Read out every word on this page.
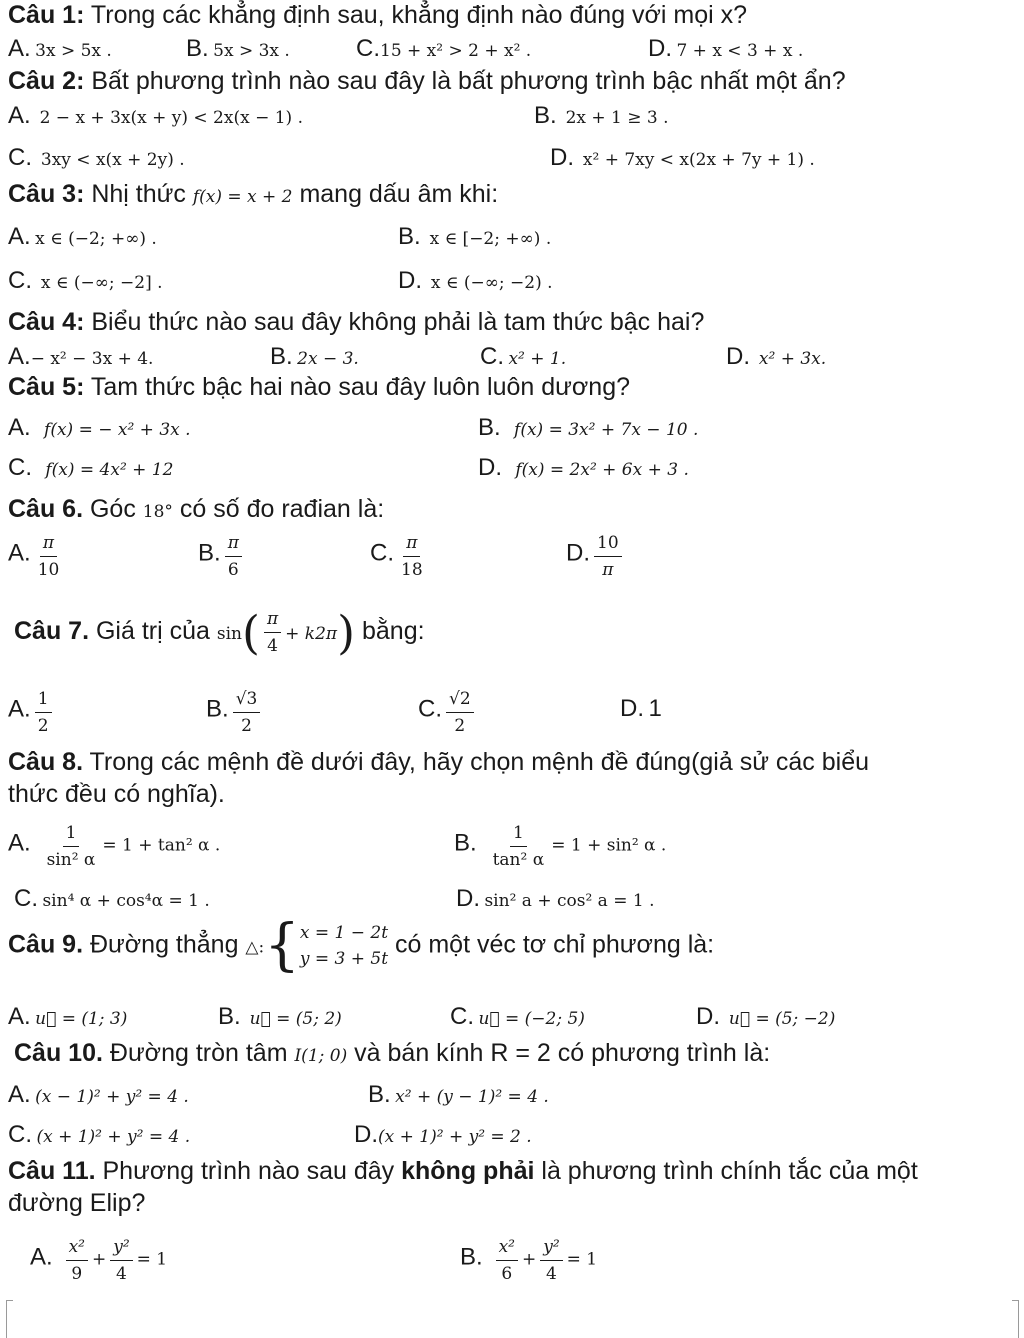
Câu 1: Trong các khẳng định sau, khẳng định nào đúng với mọi x?
A. 3x > 5x .	B. 5x > 3x .	C.15 + x² > 2 + x² .	D. 7 + x < 3 + x .
Câu 2: Bất phương trình nào sau đây là bất phương trình bậc nhất một ẩn?
A. 2 − x + 3x(x + y) < 2x(x − 1) .	B. 2x + 1 ≥ 3 .
C. 3xy < x(x + 2y) .	D. x² + 7xy < x(2x + 7y + 1) .
Câu 3: Nhị thức f(x) = x + 2 mang dấu âm khi:
A. x ∈ (−2; +∞) .	B. x ∈ [−2; +∞) .
C. x ∈ (−∞; −2] .	D. x ∈ (−∞; −2) .
Câu 4: Biểu thức nào sau đây không phải là tam thức bậc hai?
A.− x² − 3x + 4.	B. 2x − 3.	C. x² + 1.	D. x² + 3x.
Câu 5: Tam thức bậc hai nào sau đây luôn luôn dương?
A. f(x) = − x² + 3x .	B. f(x) = 3x² + 7x − 10 .
C. f(x) = 4x² + 12	D. f(x) = 2x² + 6x + 3 .
Câu 6. Góc 18° có số đo rađian là:
A. $\frac{\pi}{10}$	B. $\frac{\pi}{6}$	C. $\frac{\pi}{18}$	D. $\frac{10}{\pi}$
Câu 7. Giá trị của $\sin( \frac{\pi}{4} + k2\pi)$ bằng:
A. $\frac{1}{2}$	B. $\frac{√3}{2}$	C. $\frac{√2}{2}$	D. 1
Câu 8. Trong các mệnh đề dưới đây, hãy chọn mệnh đề đúng(giả sử các biểu
thức đều có nghĩa).
A. $\frac{1}{\text{sin² α}} = 1 + \tan^2$ α .	B. $\frac{1}{\text{tan² α}} = 1 + \sin^2$ α .
C. sin⁴ α + cos⁴α = 1 .	D. sin² a + cos² a = 1 .
Câu 9. Đường thẳng △:{ x = 1 − 2t
y = 3 + 5t
có một véc tơ chỉ phương là:
A. u⃗ = (1; 3)	B. u⃗ = (5; 2)	C. u⃗ = (−2; 5)	D. u⃗ = (5; −2)
Câu 10. Đường tròn tâm I(1; 0) và bán kính R = 2 có phương trình là:
A. (x − 1)² + y² = 4 .	B. x² + (y − 1)² = 4 .
C. (x + 1)² + y² = 4 .	D.(x + 1)² + y² = 2 .
Câu 11. Phương trình nào sau đây không phải là phương trình chính tắc của một
đường Elip?
A. $\frac{\text{x²}}{9} + \frac{\text{y²}}{4} = 1$	B. $\frac{\text{x²}}{6} + \frac{\text{y²}}{4} = 1$
